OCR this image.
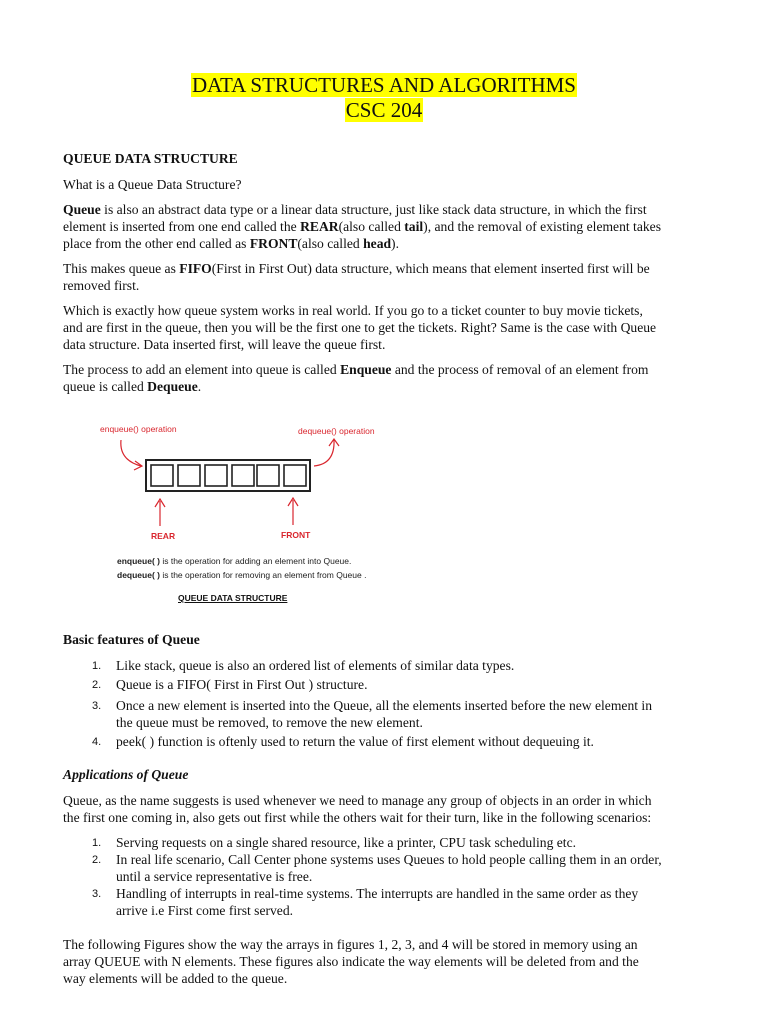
DATA STRUCTURES AND ALGORITHMS
CSC 204
QUEUE DATA STRUCTURE

What is a Queue Data Structure?

Queue is also an abstract data type or a linear data structure, just like stack data structure, in which the first element is inserted from one end called the REAR(also called tail), and the removal of existing element takes place from the other end called as FRONT(also called head).

This makes queue as FIFO(First in First Out) data structure, which means that element inserted first will be removed first.

Which is exactly how queue system works in real world. If you go to a ticket counter to buy movie tickets, and are first in the queue, then you will be the first one to get the tickets. Right? Same is the case with Queue data structure. Data inserted first, will leave the queue first.

The process to add an element into queue is called Enqueue and the process of removal of an element from queue is called Dequeue.

enqueue() operation	dequeue() operation
REAR	FRONT
enqueue( ) is the operation for adding an element into Queue.
dequeue( ) is the operation for removing an element from Queue .
QUEUE DATA STRUCTURE
Basic features of Queue
1. Like stack, queue is also an ordered list of elements of similar data types.
2. Queue is a FIFO( First in First Out ) structure.
3. Once a new element is inserted into the Queue, all the elements inserted before the new element in the queue must be removed, to remove the new element.
4. peek( ) function is oftenly used to return the value of first element without dequeuing it.
Applications of Queue

Queue, as the name suggests is used whenever we need to manage any group of objects in an order in which the first one coming in, also gets out first while the others wait for their turn, like in the following scenarios:

1. Serving requests on a single shared resource, like a printer, CPU task scheduling etc.
2. In real life scenario, Call Center phone systems uses Queues to hold people calling them in an order, until a service representative is free.
3. Handling of interrupts in real-time systems. The interrupts are handled in the same order as they arrive i.e First come first served.

The following Figures show the way the arrays in figures 1, 2, 3, and 4 will be stored in memory using an array QUEUE with N elements. These figures also indicate the way elements will be deleted from and the way elements will be added to the queue.
